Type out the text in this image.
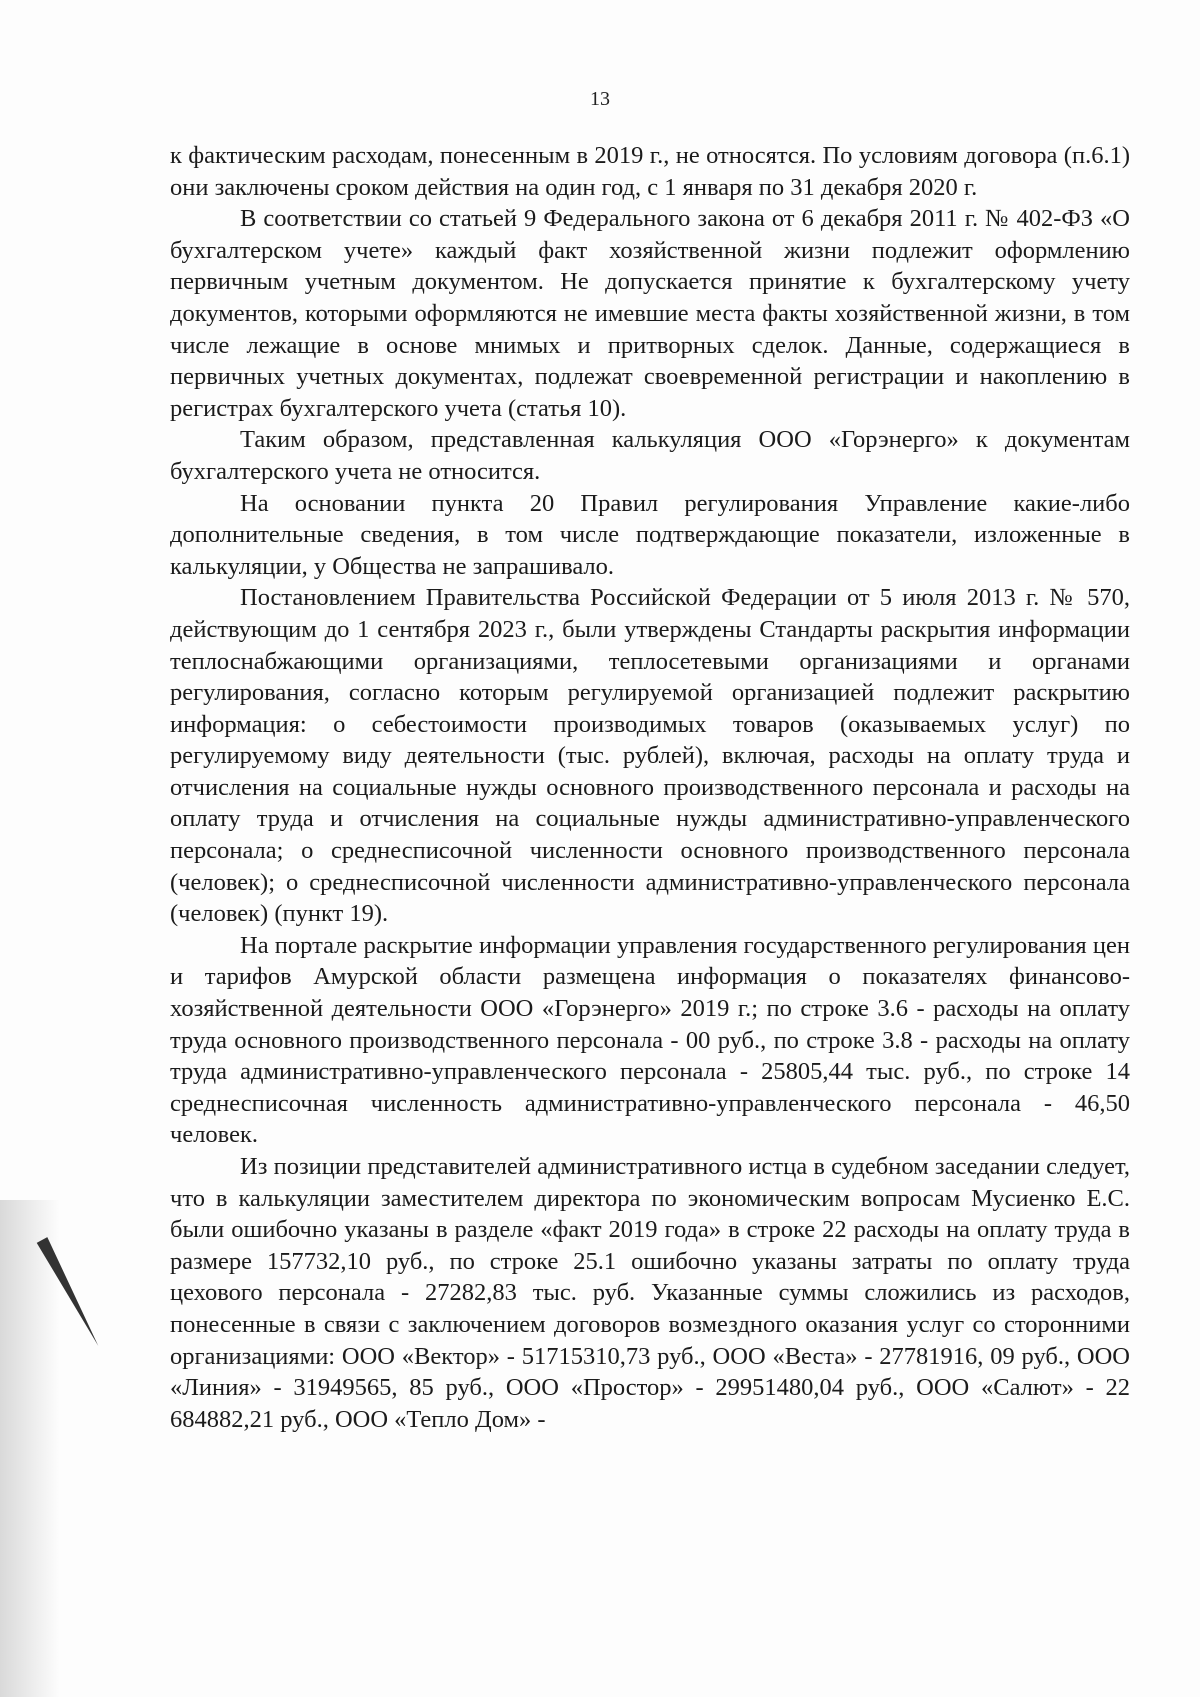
13

к фактическим расходам, понесенным в 2019 г., не относятся. По условиям договора (п.6.1) они заключены сроком действия на один год, с 1 января по 31 декабря 2020 г.

В соответствии со статьей 9 Федерального закона от 6 декабря 2011 г. № 402-ФЗ «О бухгалтерском учете» каждый факт хозяйственной жизни подлежит оформлению первичным учетным документом. Не допускается принятие к бухгалтерскому учету документов, которыми оформляются не имевшие места факты хозяйственной жизни, в том числе лежащие в основе мнимых и притворных сделок. Данные, содержащиеся в первичных учетных документах, подлежат своевременной регистрации и накоплению в регистрах бухгалтерского учета (статья 10).

Таким образом, представленная калькуляция ООО «Горэнерго» к документам бухгалтерского учета не относится.

На основании пункта 20 Правил регулирования Управление какие-либо дополнительные сведения, в том числе подтверждающие показатели, изложенные в калькуляции, у Общества не запрашивало.

Постановлением Правительства Российской Федерации от 5 июля 2013 г. № 570, действующим до 1 сентября 2023 г., были утверждены Стандарты раскрытия информации теплоснабжающими организациями, теплосетевыми организациями и органами регулирования, согласно которым регулируемой организацией подлежит раскрытию информация: о себестоимости производимых товаров (оказываемых услуг) по регулируемому виду деятельности (тыс. рублей), включая, расходы на оплату труда и отчисления на социальные нужды основного производственного персонала и расходы на оплату труда и отчисления на социальные нужды административно-управленческого персонала; о среднесписочной численности основного производственного персонала (человек); о среднесписочной численности административно-управленческого персонала (человек) (пункт 19).

На портале раскрытие информации управления государственного регулирования цен и тарифов Амурской области размещена информация о показателях финансово-хозяйственной деятельности ООО «Горэнерго» 2019 г.; по строке 3.6 - расходы на оплату труда основного производственного персонала - 00 руб., по строке 3.8 - расходы на оплату труда административно-управленческого персонала - 25805,44 тыс. руб., по строке 14 среднесписочная численность административно-управленческого персонала - 46,50 человек.

Из позиции представителей административного истца в судебном заседании следует, что в калькуляции заместителем директора по экономическим вопросам Мусиенко Е.С. были ошибочно указаны в разделе «факт 2019 года» в строке 22 расходы на оплату труда в размере 157732,10 руб., по строке 25.1 ошибочно указаны затраты по оплату труда цехового персонала - 27282,83 тыс. руб. Указанные суммы сложились из расходов, понесенные в связи с заключением договоров возмездного оказания услуг со сторонними организациями: ООО «Вектор» - 51715310,73 руб., ООО «Веста» - 27781916, 09 руб., ООО «Линия» - 31949565, 85 руб., ООО «Простор» - 29951480,04 руб., ООО «Салют» - 22 684882,21 руб., ООО «Тепло Дом» -
